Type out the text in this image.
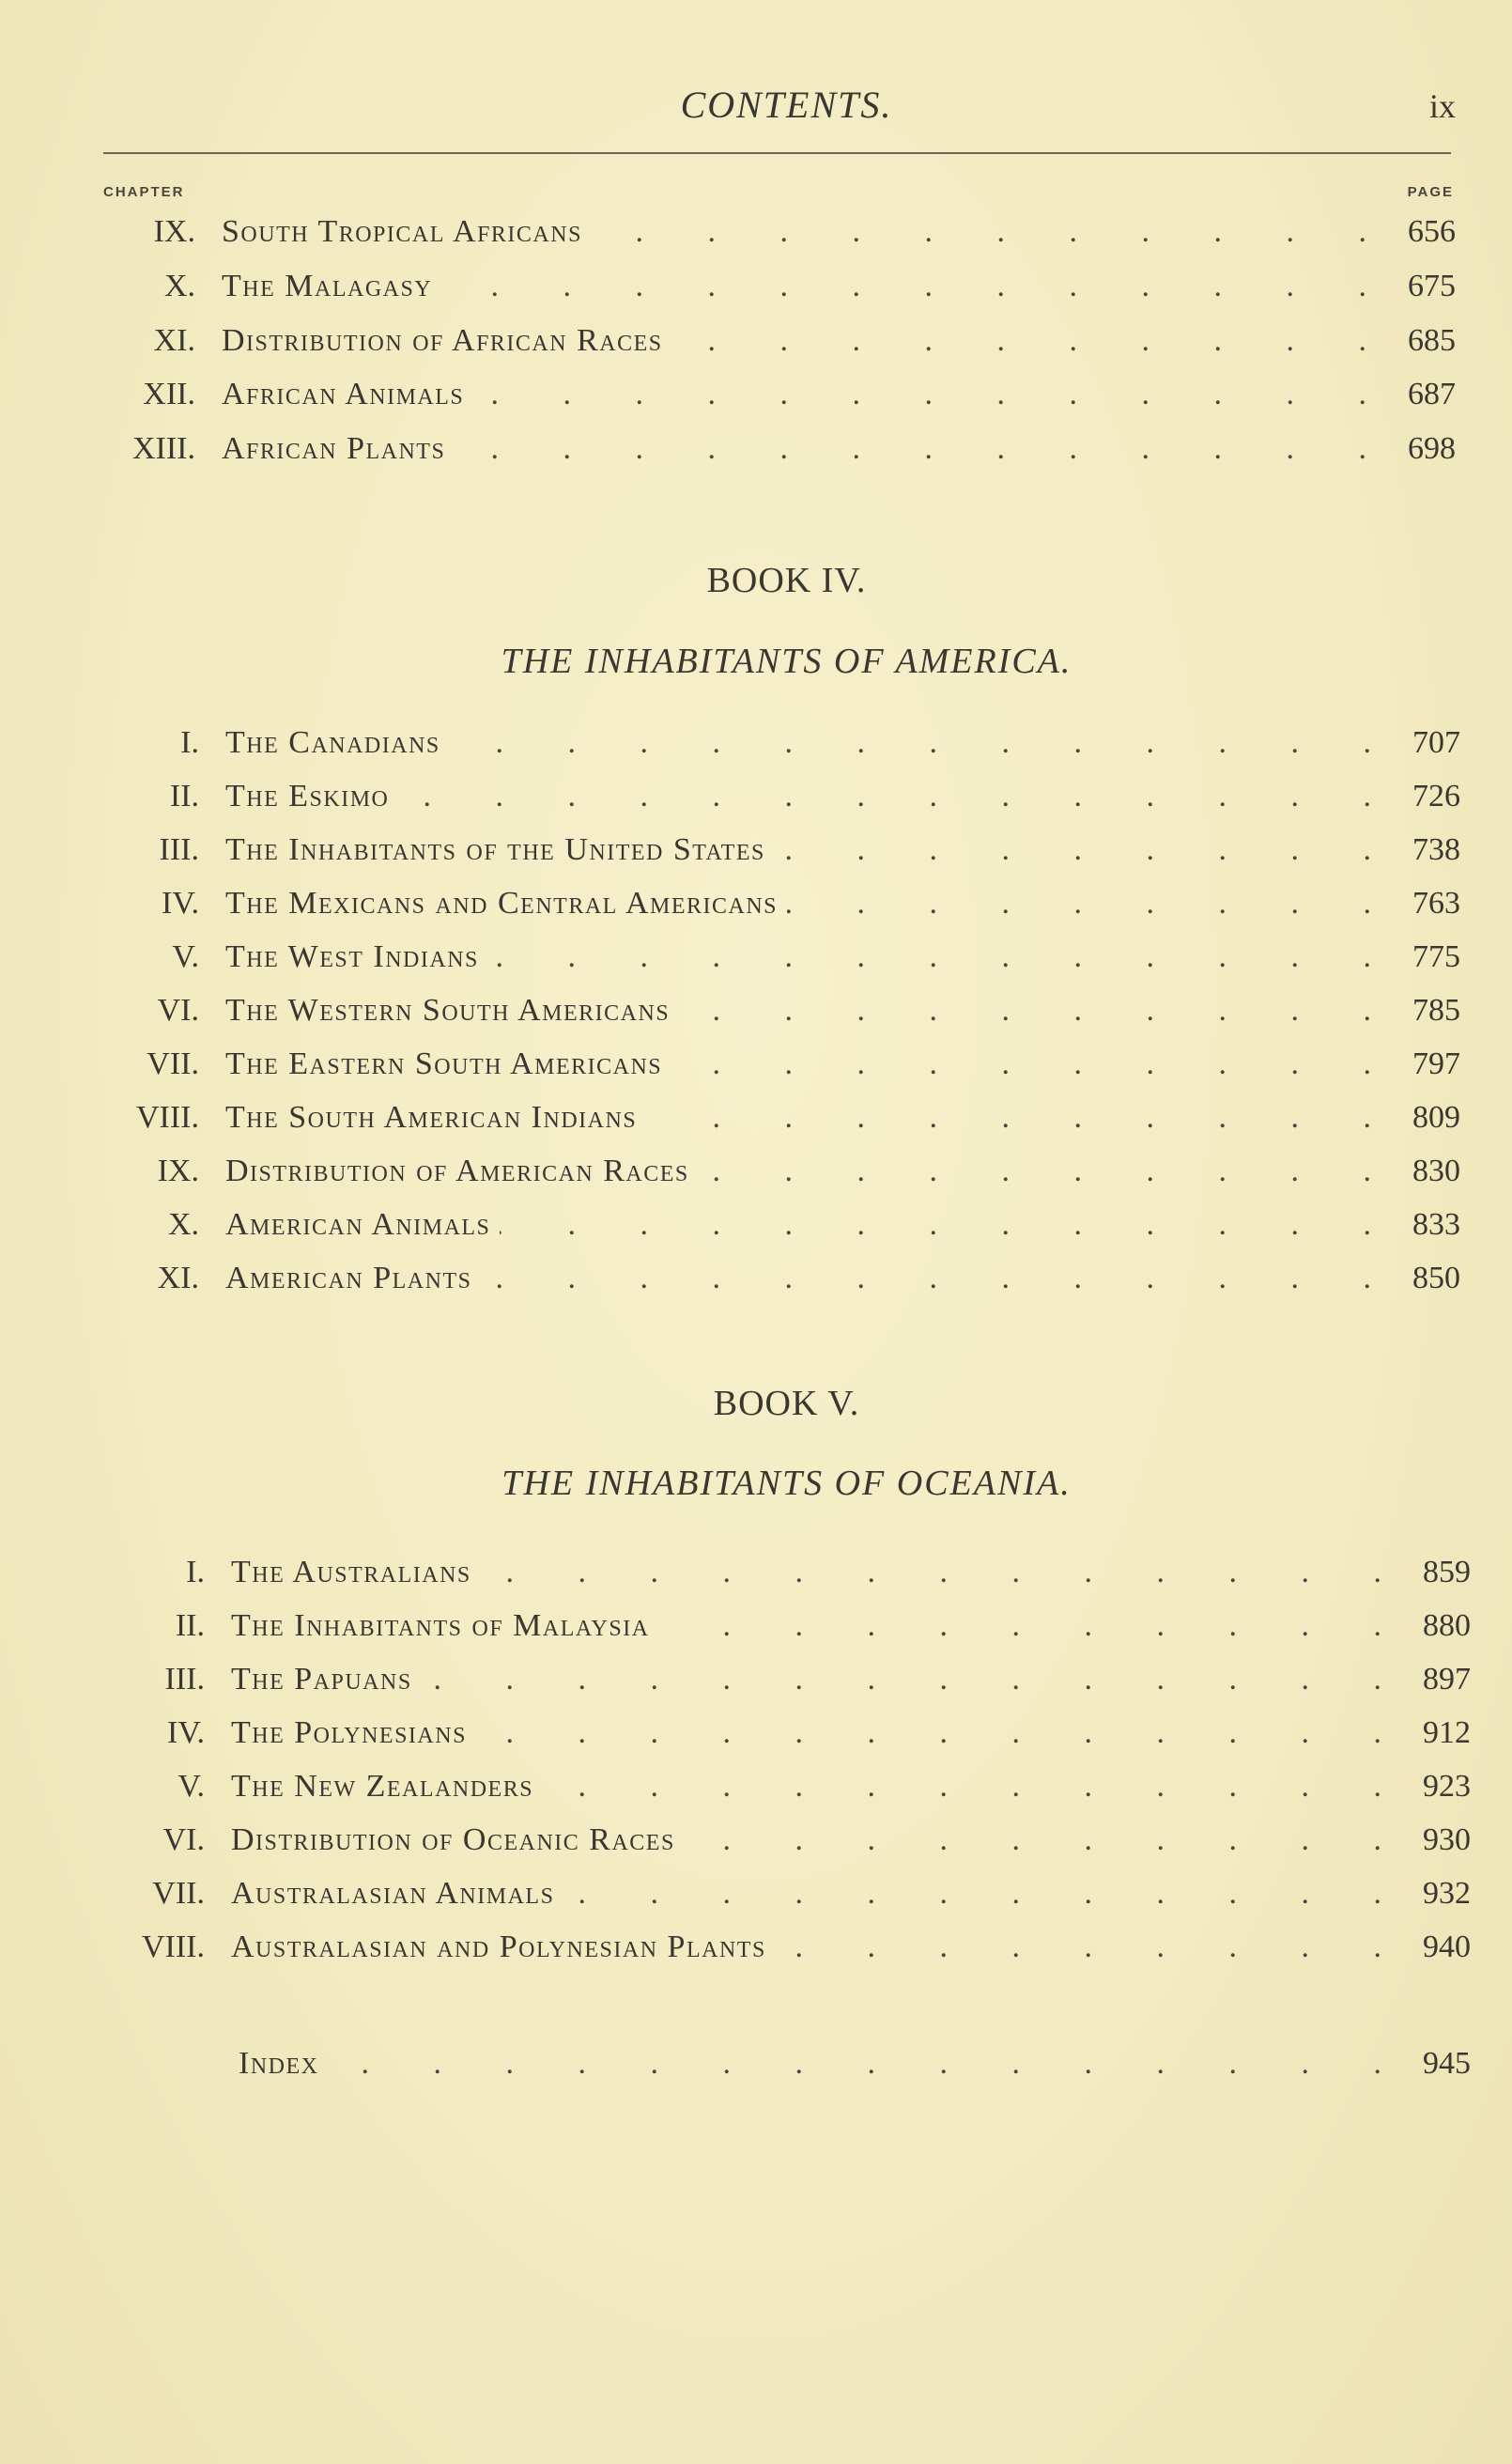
CONTENTS.	ix
CHAPTER	PAGE
IX. South Tropical Africans . . .	656
X. The Malagasy . . .	675
XI. Distribution of African Races . . .	685
XII. African Animals . . .	687
XIII. African Plants . . .	698
BOOK IV.
THE INHABITANTS OF AMERICA.
I. The Canadians . . .	707
II. The Eskimo . . .	726
III. The Inhabitants of the United States . . .	738
IV. The Mexicans and Central Americans . . .	763
V. The West Indians . . .	775
VI. The Western South Americans . . .	785
VII. The Eastern South Americans . . .	797
VIII. The South American Indians . . .	809
IX. Distribution of American Races . . .	830
X. American Animals . . .	833
XI. American Plants . . .	850
BOOK V.
THE INHABITANTS OF OCEANIA.
I. The Australians . . .	859
II. The Inhabitants of Malaysia . . .	880
III. The Papuans . . .	897
IV. The Polynesians . . .	912
V. The New Zealanders . . .	923
VI. Distribution of Oceanic Races . . .	930
VII. Australasian Animals . . .	932
VIII. Australasian and Polynesian Plants . . .	940
Index . . .	945
